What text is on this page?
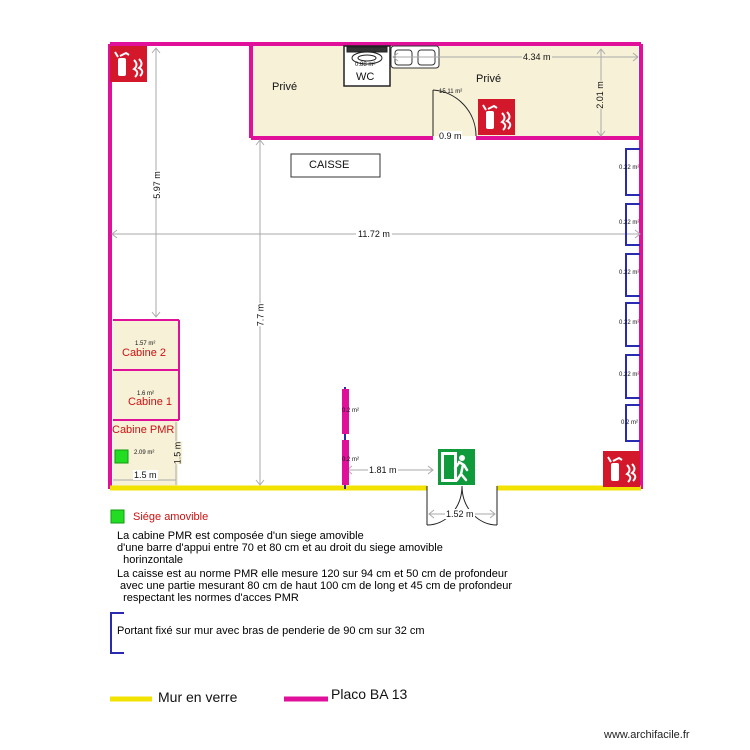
Privé
Privé
WC
0.88 m²
15.11 m²
CAISSE
Cabine 2
1.57 m²
Cabine 1
1.6 m²
Cabine PMR
2.09 m²
4.34 m
2.01 m
0.9 m
11.72 m
5.97 m
7.7 m
1.5 m
1.5 m	1.81 m
1.52 m
0.22 m²
0.22 m²
0.22 m²
0.22 m²
0.22 m²
0.2 m²
0.2 m²
0.2 m²
Siége amovible
La cabine PMR est composée d'un siege amovible
d'une barre d'appui entre 70 et 80 cm et au droit du siege amovible
horinzontale
La caisse est au norme PMR elle mesure 120 sur 94 cm et 50 cm de profondeur
avec une partie mesurant 80 cm de haut 100 cm de long et 45 cm de profondeur
respectant les normes d'acces PMR
Portant fixé sur mur avec bras de penderie de 90 cm sur 32 cm
Mur en verre	Placo BA 13
www.archifacile.fr
